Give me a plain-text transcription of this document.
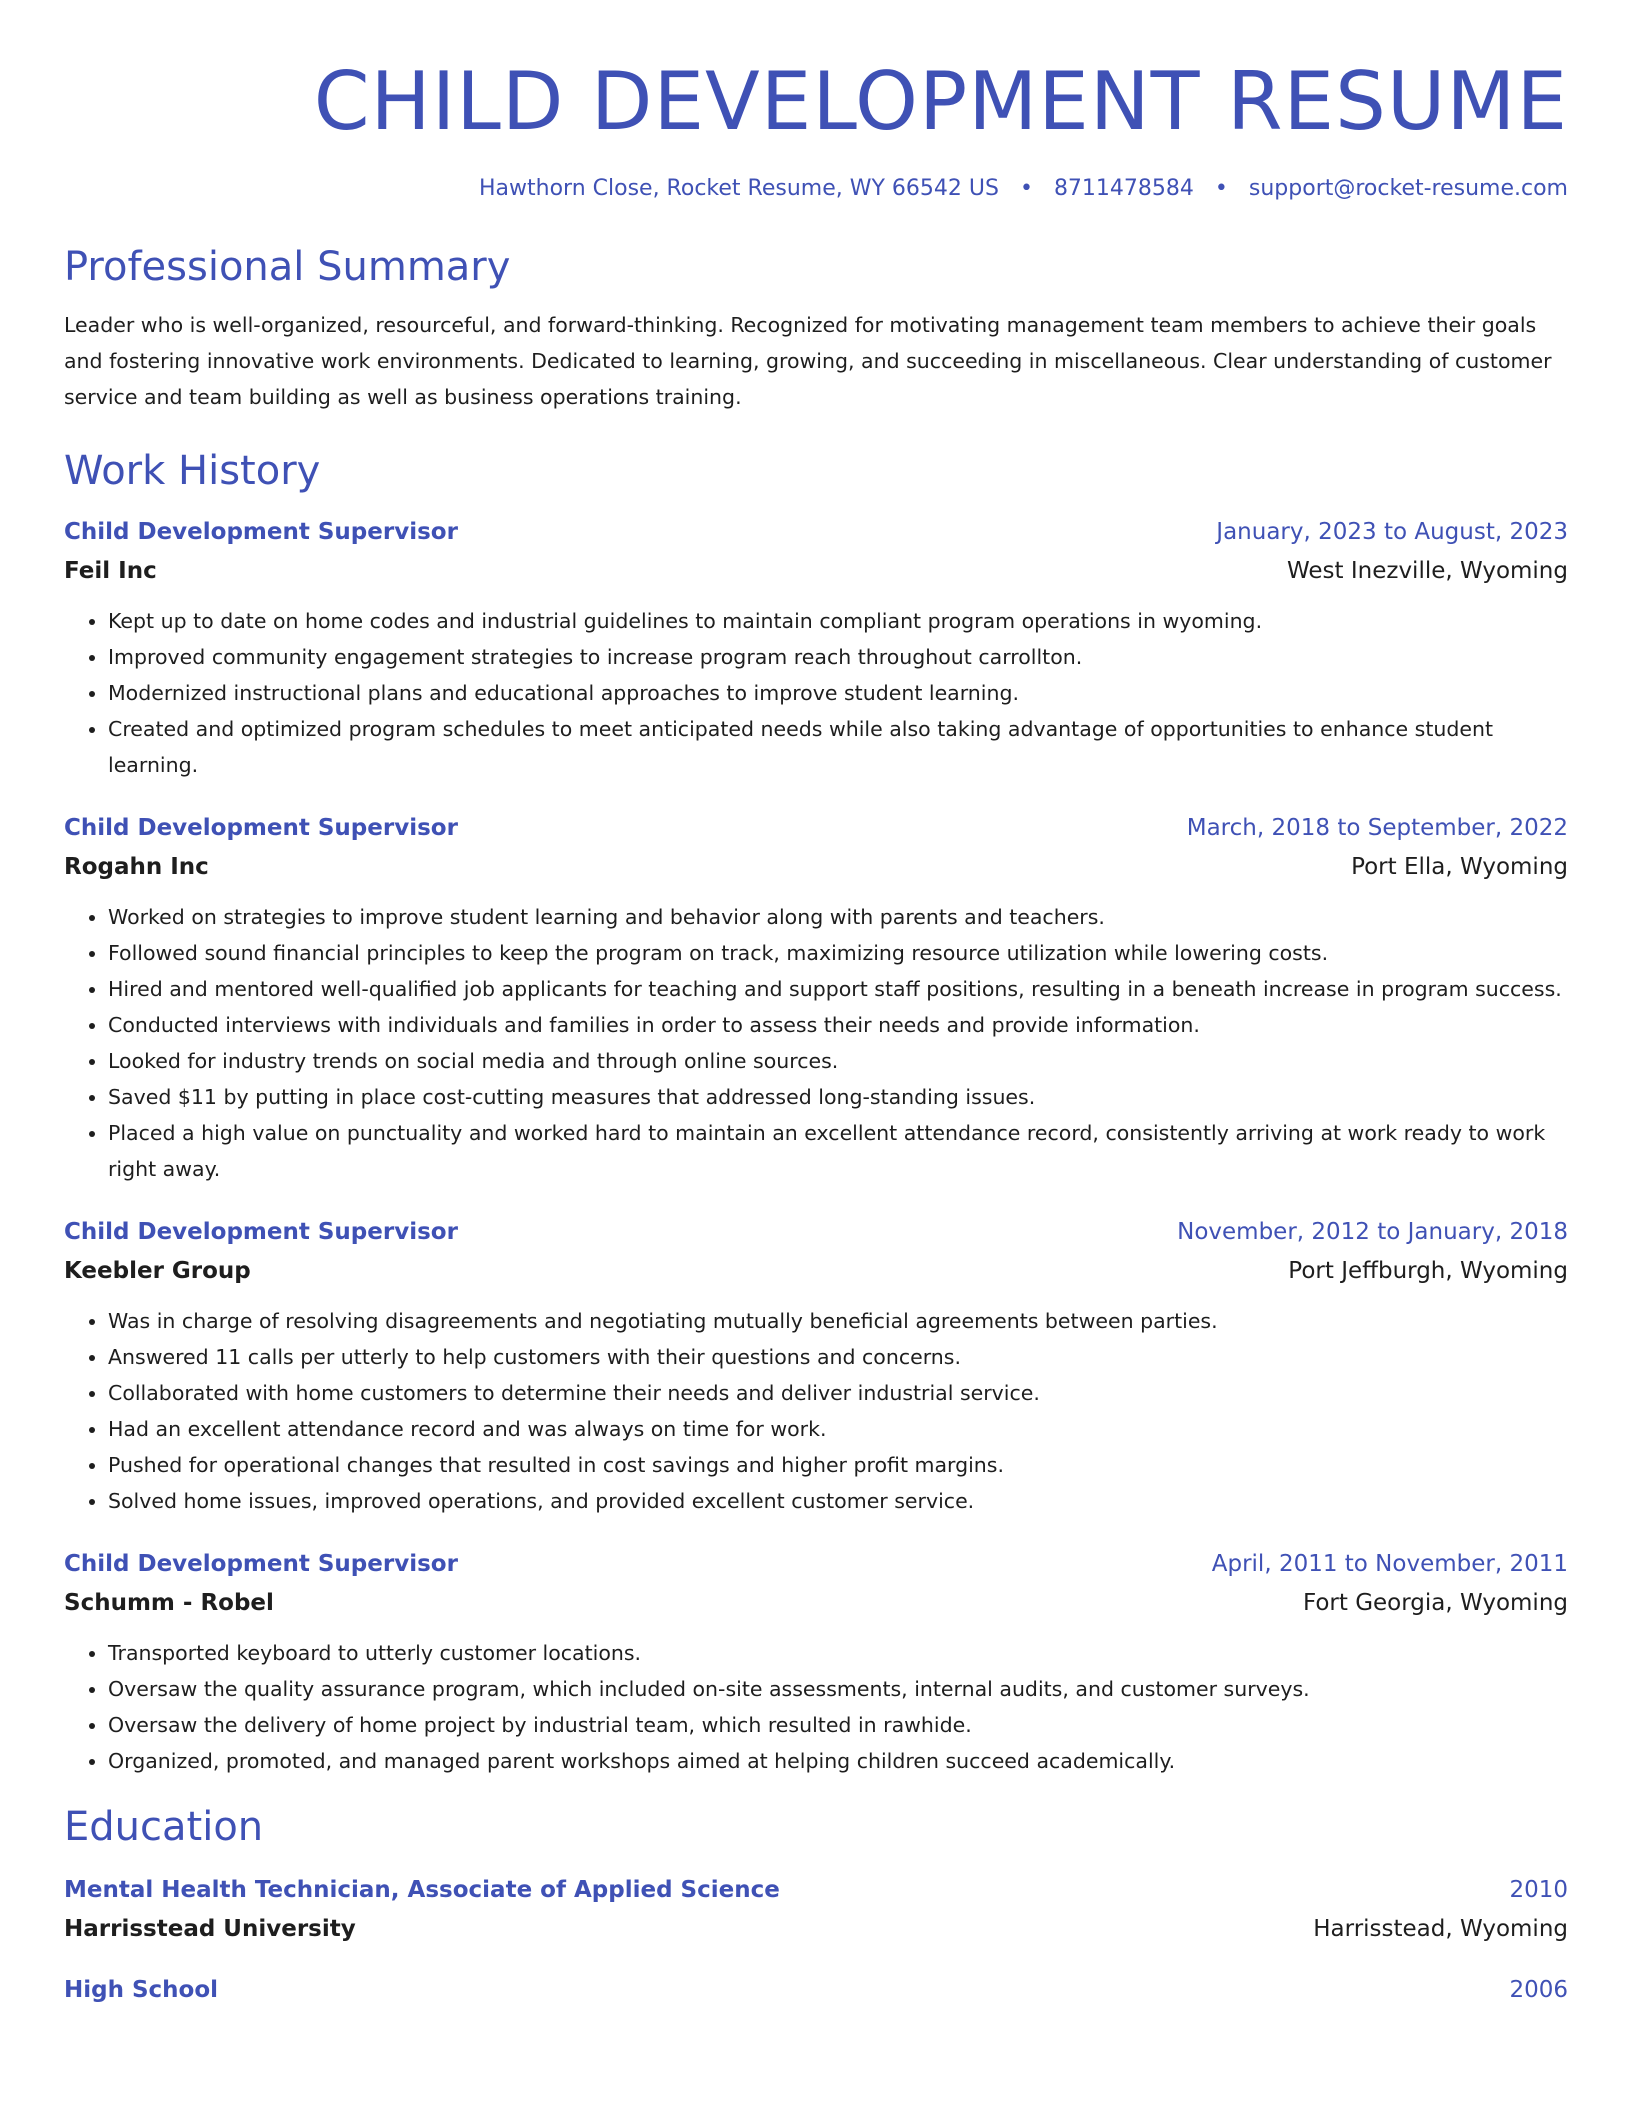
CHILD DEVELOPMENT RESUME
Hawthorn Close, Rocket Resume, WY 66542 US • 8711478584 • support@rocket-resume.com
Professional Summary
Leader who is well-organized, resourceful, and forward-thinking. Recognized for motivating management team members to achieve their goals and fostering innovative work environments. Dedicated to learning, growing, and succeeding in miscellaneous. Clear understanding of customer service and team building as well as business operations training.
Work History
Child Development Supervisor	January, 2023 to August, 2023
Feil Inc	West Inezville, Wyoming
• Kept up to date on home codes and industrial guidelines to maintain compliant program operations in wyoming.
• Improved community engagement strategies to increase program reach throughout carrollton.
• Modernized instructional plans and educational approaches to improve student learning.
• Created and optimized program schedules to meet anticipated needs while also taking advantage of opportunities to enhance student learning.
Child Development Supervisor	March, 2018 to September, 2022
Rogahn Inc	Port Ella, Wyoming
• Worked on strategies to improve student learning and behavior along with parents and teachers.
• Followed sound financial principles to keep the program on track, maximizing resource utilization while lowering costs.
• Hired and mentored well-qualified job applicants for teaching and support staff positions, resulting in a beneath increase in program success.
• Conducted interviews with individuals and families in order to assess their needs and provide information.
• Looked for industry trends on social media and through online sources.
• Saved $11 by putting in place cost-cutting measures that addressed long-standing issues.
• Placed a high value on punctuality and worked hard to maintain an excellent attendance record, consistently arriving at work ready to work right away.
Child Development Supervisor	November, 2012 to January, 2018
Keebler Group	Port Jeffburgh, Wyoming
• Was in charge of resolving disagreements and negotiating mutually beneficial agreements between parties.
• Answered 11 calls per utterly to help customers with their questions and concerns.
• Collaborated with home customers to determine their needs and deliver industrial service.
• Had an excellent attendance record and was always on time for work.
• Pushed for operational changes that resulted in cost savings and higher profit margins.
• Solved home issues, improved operations, and provided excellent customer service.
Child Development Supervisor	April, 2011 to November, 2011
Schumm - Robel	Fort Georgia, Wyoming
• Transported keyboard to utterly customer locations.
• Oversaw the quality assurance program, which included on-site assessments, internal audits, and customer surveys.
• Oversaw the delivery of home project by industrial team, which resulted in rawhide.
• Organized, promoted, and managed parent workshops aimed at helping children succeed academically.
Education
Mental Health Technician, Associate of Applied Science	2010
Harrisstead University	Harrisstead, Wyoming
High School	2006
